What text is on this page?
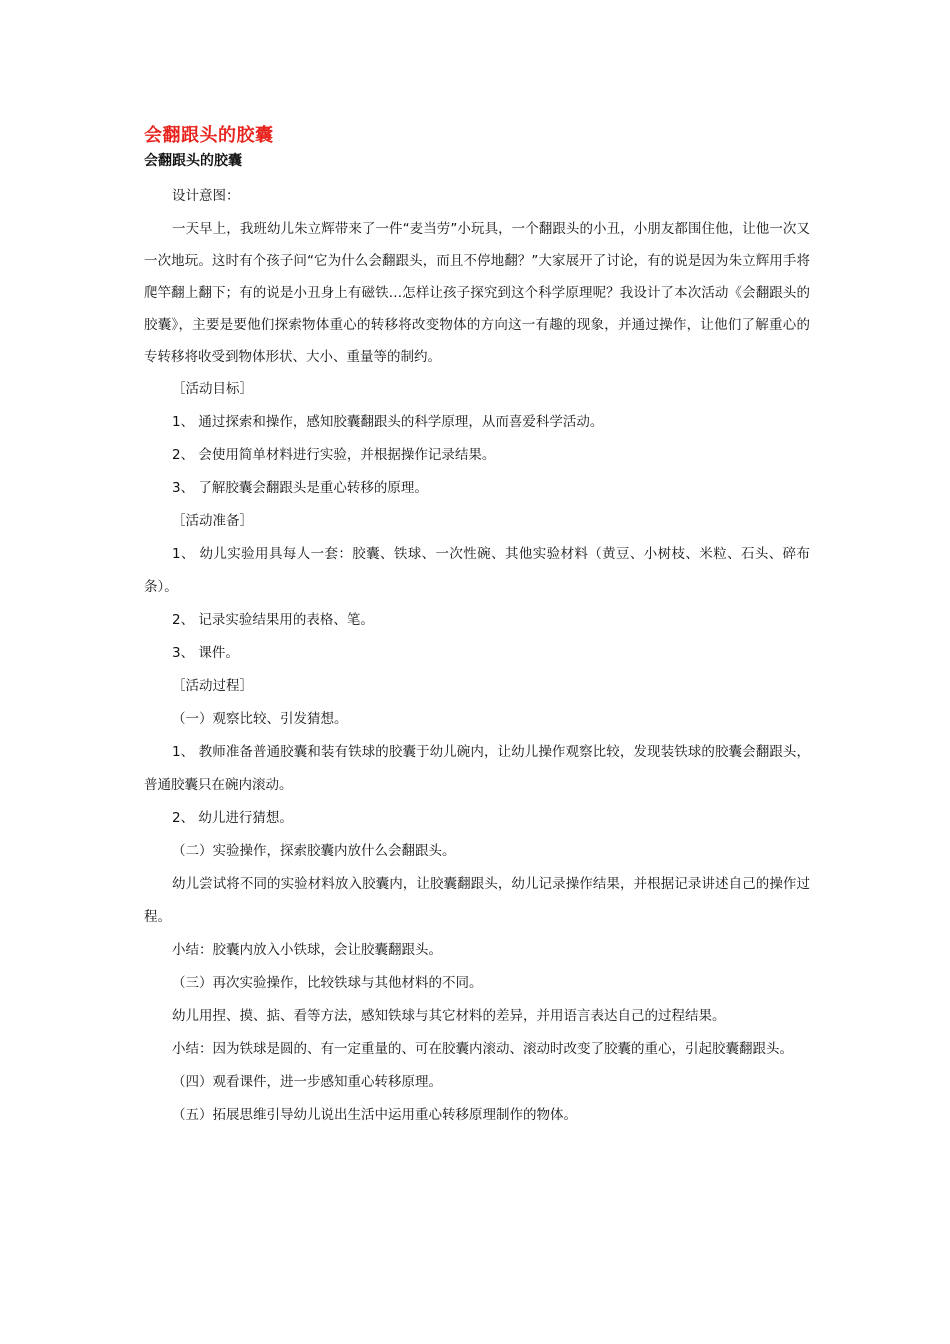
会翻跟头的胶囊
会翻跟头的胶囊

设计意图：

一天早上，我班幼儿朱立辉带来了一件“麦当劳”小玩具，一个翻跟头的小丑，小朋友都围住他，让他一次又一次地玩。这时有个孩子问“它为什么会翻跟头，而且不停地翻？”大家展开了讨论，有的说是因为朱立辉用手将爬竿翻上翻下；有的说是小丑身上有磁铁…怎样让孩子探究到这个科学原理呢？我设计了本次活动《会翻跟头的胶囊》，主要是要他们探索物体重心的转移将改变物体的方向这一有趣的现象，并通过操作，让他们了解重心的专转移将收受到物体形状、大小、重量等的制约。

［活动目标］

1、 通过探索和操作，感知胶囊翻跟头的科学原理，从而喜爱科学活动。

2、 会使用简单材料进行实验，并根据操作记录结果。

3、 了解胶囊会翻跟头是重心转移的原理。

［活动准备］

1、 幼儿实验用具每人一套：胶囊、铁球、一次性碗、其他实验材料（黄豆、小树枝、米粒、石头、碎布条）。

2、 记录实验结果用的表格、笔。

3、 课件。

［活动过程］

（一）观察比较、引发猜想。

1、 教师准备普通胶囊和装有铁球的胶囊于幼儿碗内，让幼儿操作观察比较，发现装铁球的胶囊会翻跟头，普通胶囊只在碗内滚动。

2、 幼儿进行猜想。

（二）实验操作，探索胶囊内放什么会翻跟头。

幼儿尝试将不同的实验材料放入胶囊内，让胶囊翻跟头，幼儿记录操作结果，并根据记录讲述自己的操作过程。

小结：胶囊内放入小铁球，会让胶囊翻跟头。

（三）再次实验操作，比较铁球与其他材料的不同。

幼儿用捏、摸、掂、看等方法，感知铁球与其它材料的差异，并用语言表达自己的过程结果。

小结：因为铁球是圆的、有一定重量的、可在胶囊内滚动、滚动时改变了胶囊的重心，引起胶囊翻跟头。

（四）观看课件，进一步感知重心转移原理。

（五）拓展思维引导幼儿说出生活中运用重心转移原理制作的物体。
